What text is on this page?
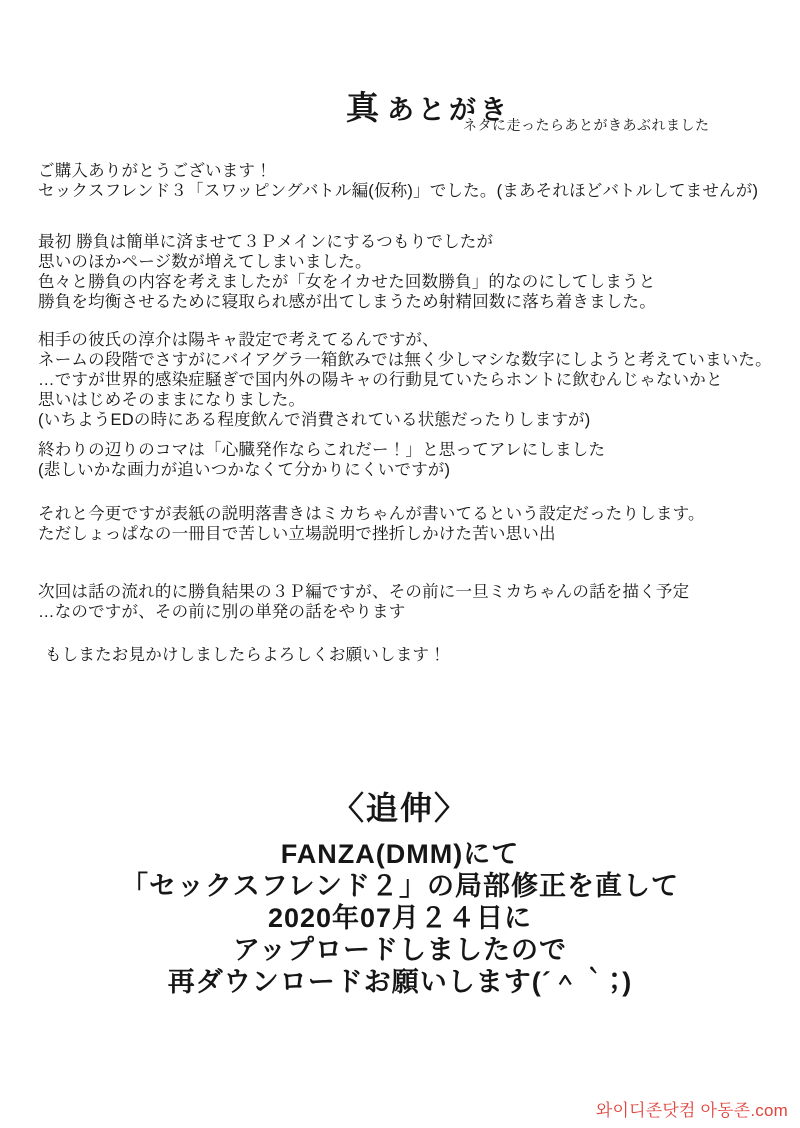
真 あとがき
ネタに走ったらあとがきあぶれました

ご購入ありがとうございます！
セックスフレンド３「スワッピングバトル編(仮称)」でした。(まあそれほどバトルしてませんが)

最初 勝負は簡単に済ませて３Ｐメインにするつもりでしたが
思いのほかページ数が増えてしまいました。
色々と勝負の内容を考えましたが「女をイカせた回数勝負」的なのにしてしまうと
勝負を均衡させるために寝取られ感が出てしまうため射精回数に落ち着きました。

相手の彼氏の淳介は陽キャ設定で考えてるんですが、
ネームの段階でさすがにバイアグラ一箱飲みでは無く少しマシな数字にしようと考えていまいた。
…ですが世界的感染症騒ぎで国内外の陽キャの行動見ていたらホントに飲むんじゃないかと
思いはじめそのままになりました。
(いちようEDの時にある程度飲んで消費されている状態だったりしますが)

終わりの辺りのコマは「心臓発作ならこれだー！」と思ってアレにしました
(悲しいかな画力が追いつかなくて分かりにくいですが)

それと今更ですが表紙の説明落書きはミカちゃんが書いてるという設定だったりします。
ただしょっぱなの一冊目で苦しい立場説明で挫折しかけた苦い思い出

次回は話の流れ的に勝負結果の３Ｐ編ですが、その前に一旦ミカちゃんの話を描く予定
…なのですが、その前に別の単発の話をやります

もしまたお見かけしましたらよろしくお願いします！

〈追伸〉
FANZA(DMM)にて
「セックスフレンド２」の局部修正を直して
2020年07月２４日に
アップロードしましたので
再ダウンロードお願いします(´＾｀；)
와이디존닷컴 아동존.com
